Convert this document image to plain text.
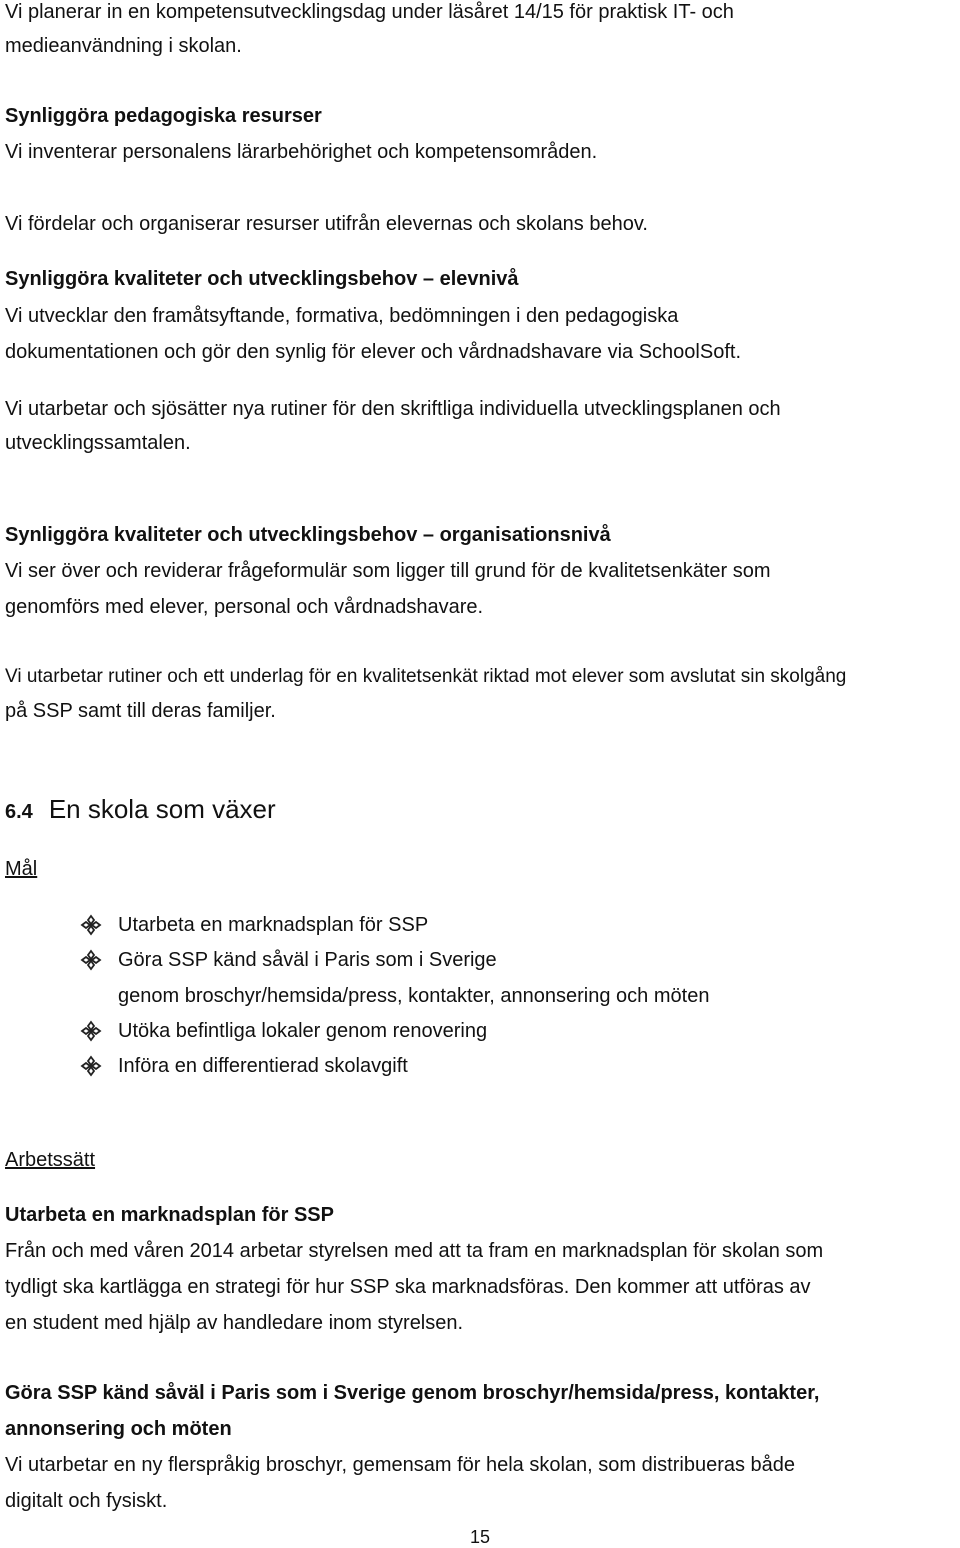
Vi planerar in en kompetensutvecklingsdag under läsåret 14/15 för praktisk IT- och
medieanvändning i skolan.
Synliggöra pedagogiska resurser
Vi inventerar personalens lärarbehörighet och kompetensområden.
Vi fördelar och organiserar resurser utifrån elevernas och skolans behov.
Synliggöra kvaliteter och utvecklingsbehov – elevnivå
Vi utvecklar den framåtsyftande, formativa, bedömningen i den pedagogiska
dokumentationen och gör den synlig för elever och vårdnadshavare via SchoolSoft.
Vi utarbetar och sjösätter nya rutiner för den skriftliga individuella utvecklingsplanen och
utvecklingssamtalen.
Synliggöra kvaliteter och utvecklingsbehov – organisationsnivå
Vi ser över och reviderar frågeformulär som ligger till grund för de kvalitetsenkäter som
genomförs med elever, personal och vårdnadshavare.
Vi utarbetar rutiner och ett underlag för en kvalitetsenkät riktad mot elever som avslutat sin skolgång
på SSP samt till deras familjer.
6.4 En skola som växer
Mål
Utarbeta en marknadsplan för SSP
Göra SSP känd såväl i Paris som i Sverige
genom broschyr/hemsida/press, kontakter, annonsering och möten
Utöka befintliga lokaler genom renovering
Införa en differentierad skolavgift
Arbetssätt
Utarbeta en marknadsplan för SSP
Från och med våren 2014 arbetar styrelsen med att ta fram en marknadsplan för skolan som
tydligt ska kartlägga en strategi för hur SSP ska marknadsföras. Den kommer att utföras av
en student med hjälp av handledare inom styrelsen.
Göra SSP känd såväl i Paris som i Sverige genom broschyr/hemsida/press, kontakter,
annonsering och möten
Vi utarbetar en ny flerspråkig broschyr, gemensam för hela skolan, som distribueras både
digitalt och fysiskt.
15
